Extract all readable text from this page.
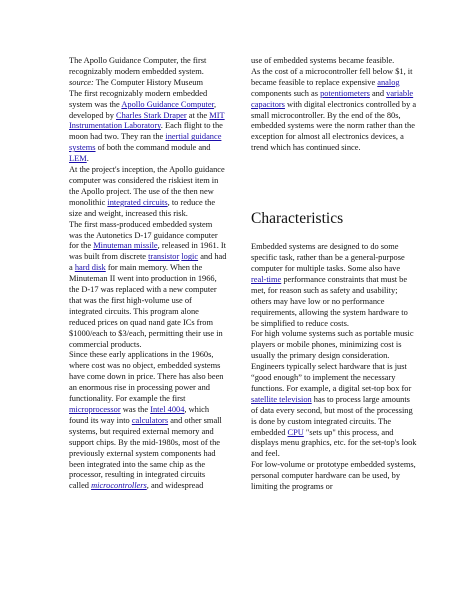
The Apollo Guidance Computer, the first recognizably modern embedded system.

source: The Computer History Museum

The first recognizably modern embedded system was the Apollo Guidance Computer, developed by Charles Stark Draper at the MIT Instrumentation Laboratory. Each flight to the moon had two. They ran the inertial guidance systems of both the command module and LEM.

At the project's inception, the Apollo guidance computer was considered the riskiest item in the Apollo project. The use of the then new monolithic integrated circuits, to reduce the size and weight, increased this risk.

The first mass-produced embedded system was the Autonetics D-17 guidance computer for the Minuteman missile, released in 1961. It was built from discrete transistor logic and had a hard disk for main memory. When the Minuteman II went into production in 1966, the D-17 was replaced with a new computer that was the first high-volume use of integrated circuits. This program alone reduced prices on quad nand gate ICs from $1000/each to $3/each, permitting their use in commercial products.

Since these early applications in the 1960s, where cost was no object, embedded systems have come down in price. There has also been an enormous rise in processing power and functionality. For example the first microprocessor was the Intel 4004, which found its way into calculators and other small systems, but required external memory and support chips. By the mid-1980s, most of the previously external system components had been integrated into the same chip as the processor, resulting in integrated circuits called microcontrollers, and widespread

use of embedded systems became feasible.

As the cost of a microcontroller fell below $1, it became feasible to replace expensive analog components such as potentiometers and variable capacitors with digital electronics controlled by a small microcontroller. By the end of the 80s, embedded systems were the norm rather than the exception for almost all electronics devices, a trend which has continued since.

Characteristics

Embedded systems are designed to do some specific task, rather than be a general-purpose computer for multiple tasks. Some also have real-time performance constraints that must be met, for reason such as safety and usability; others may have low or no performance requirements, allowing the system hardware to be simplified to reduce costs.

For high volume systems such as portable music players or mobile phones, minimizing cost is usually the primary design consideration. Engineers typically select hardware that is just “good enough” to implement the necessary functions. For example, a digital set-top box for satellite television has to process large amounts of data every second, but most of the processing is done by custom integrated circuits. The embedded CPU "sets up" this process, and displays menu graphics, etc. for the set-top's look and feel.

For low-volume or prototype embedded systems, personal computer hardware can be used, by limiting the programs or
